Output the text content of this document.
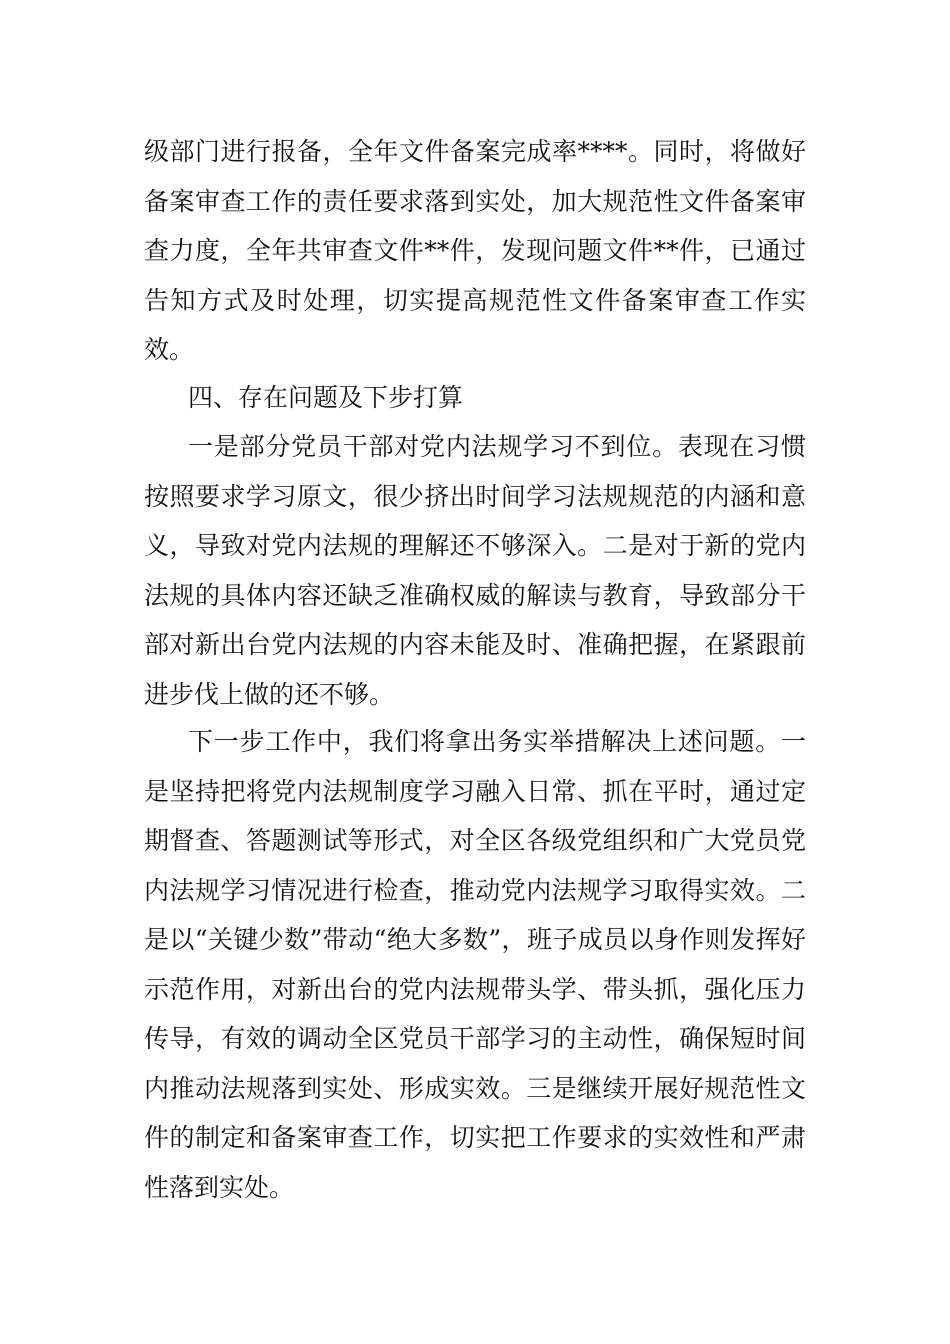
级部门进行报备，全年文件备案完成率****。同时，将做好备案审查工作的责任要求落到实处，加大规范性文件备案审查力度，全年共审查文件**件，发现问题文件**件，已通过告知方式及时处理，切实提高规范性文件备案审查工作实效。

四、存在问题及下步打算

一是部分党员干部对党内法规学习不到位。表现在习惯按照要求学习原文，很少挤出时间学习法规规范的内涵和意义，导致对党内法规的理解还不够深入。二是对于新的党内法规的具体内容还缺乏准确权威的解读与教育，导致部分干部对新出台党内法规的内容未能及时、准确把握，在紧跟前进步伐上做的还不够。

下一步工作中，我们将拿出务实举措解决上述问题。一是坚持把将党内法规制度学习融入日常、抓在平时，通过定期督查、答题测试等形式，对全区各级党组织和广大党员党内法规学习情况进行检查，推动党内法规学习取得实效。二是以“关键少数”带动“绝大多数”，班子成员以身作则发挥好示范作用，对新出台的党内法规带头学、带头抓，强化压力传导，有效的调动全区党员干部学习的主动性，确保短时间内推动法规落到实处、形成实效。三是继续开展好规范性文件的制定和备案审查工作，切实把工作要求的实效性和严肃性落到实处。
